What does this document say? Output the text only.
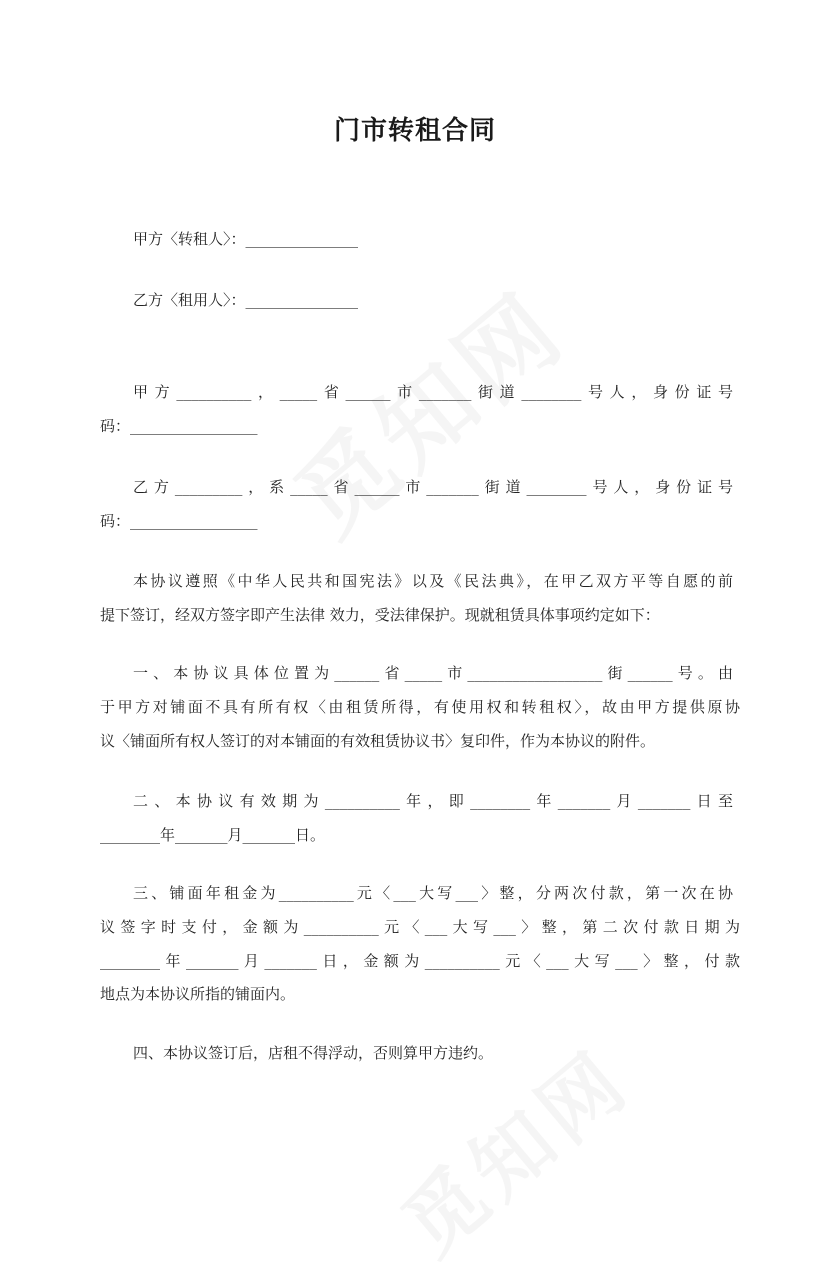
门市转租合同
甲方〈转租人〉：_______________
乙方〈租用人〉：_______________
甲方__________，_____省______市_______街道________号人，身份证号
码：_________________
乙方_________，系_____省______市_______街道________号人，身份证号
码：_________________
本协议遵照《中华人民共和国宪法》以及《民法典》，在甲乙双方平等自愿的前
提下签订，经双方签字即产生法律 效力，受法律保护。现就租赁具体事项约定如下：
一、本协议具体位置为______省_____市__________________街______号。由
于甲方对铺面不具有所有权〈由租赁所得，有使用权和转租权〉，故由甲方提供原协
议〈铺面所有权人签订的对本铺面的有效租赁协议书〉复印件，作为本协议的附件。
二、本协议有效期为__________年，即________年_______月_______日至
________年_______月_______日。
三、铺面年租金为__________元〈___大写___〉整，分两次付款，第一次在协
议签字时支付，金额为__________元〈___大写___〉整，第二次付款日期为
________年_______月_______日，金额为__________元〈___大写___〉整，付款
地点为本协议所指的铺面内。
四、本协议签订后，店租不得浮动，否则算甲方违约。
